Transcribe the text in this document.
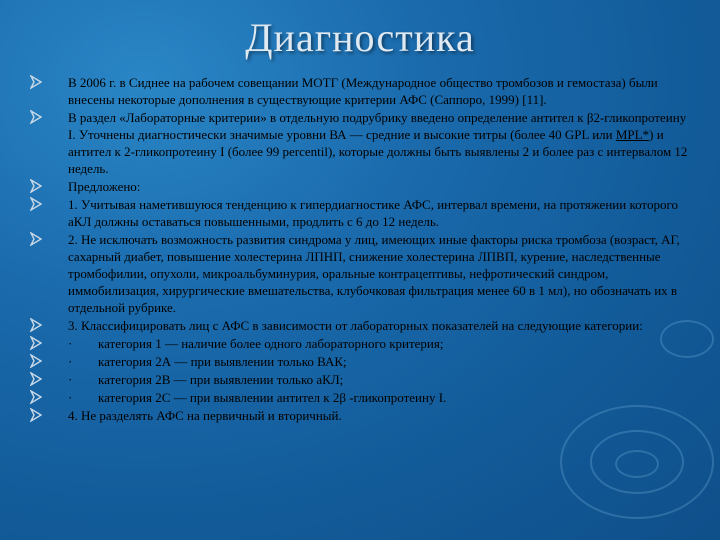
Диагностика
В 2006 г. в Сиднее на рабочем совещании МОТГ (Международное общество тромбозов и гемостаза) были внесены некоторые дополнения в существующие критерии АФС (Саппоро, 1999) [11].
В раздел «Лабораторные критерии» в отдельную подрубрику введено определение антител к β2-гликопротеину I. Уточнены диагностически значимые уровни ВА — средние и высокие титры (более 40 GPL или MPL*) и антител к 2-гликопротеину I (более 99 percentil), которые должны быть выявлены 2 и более раз с интервалом 12 недель.
Предложено:
1. Учитывая наметившуюся тенденцию к гипердиагностике АФС, интервал времени, на протяжении которого аКЛ должны оставаться повышенными, продлить с 6 до 12 недель.
2. Не исключать возможность развития синдрома у лиц, имеющих иные факторы риска тромбоза (возраст, АГ, сахарный диабет, повышение холестерина ЛПНП, снижение холестерина ЛПВП, курение, наследственные тромбофилии, опухоли, микроальбуминурия, оральные контрацептивы, нефротический синдром, иммобилизация, хирургические вмешательства, клубочковая фильтрация менее 60 в 1 мл), но обозначать их в отдельной рубрике.
3. Классифицировать лиц с АФС в зависимости от лабораторных показателей на следующие категории:
· категория 1 — наличие более одного лабораторного критерия;
· категория 2А — при выявлении только ВАК;
· категория 2В — при выявлении только аКЛ;
· категория 2С — при выявлении антител к 2β -гликопротеину I.
4. Не разделять АФС на первичный и вторичный.
